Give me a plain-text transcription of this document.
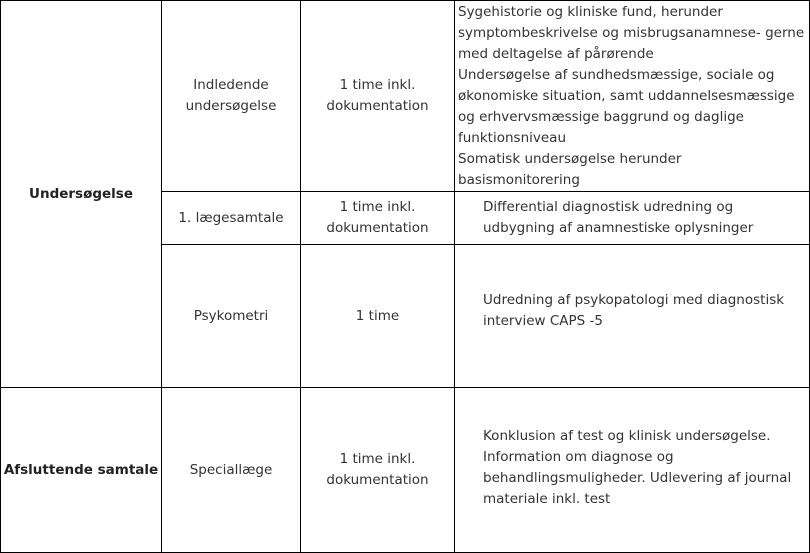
Undersøgelse	Indledende undersøgelse	1 time inkl. dokumentation	Sygehistorie og kliniske fund, herunder symptombeskrivelse og misbrugsanamnese- gerne med deltagelse af pårørende
Undersøgelse af sundhedsmæssige, sociale og økonomiske situation, samt uddannelsesmæssige og erhvervsmæssige baggrund og daglige funktionsniveau
Somatisk undersøgelse herunder basismonitorering

	1. lægesamtale	1 time inkl. dokumentation	Differential diagnostisk udredning og udbygning af anamnestiske oplysninger
	Psykometri	1 time	Udredning af psykopatologi med diagnostisk interview CAPS -5

Afsluttende samtale	Speciallæge	1 time inkl. dokumentation	Konklusion af test og klinisk undersøgelse. Information om diagnose og behandlingsmuligheder. Udlevering af journal materiale inkl. test
